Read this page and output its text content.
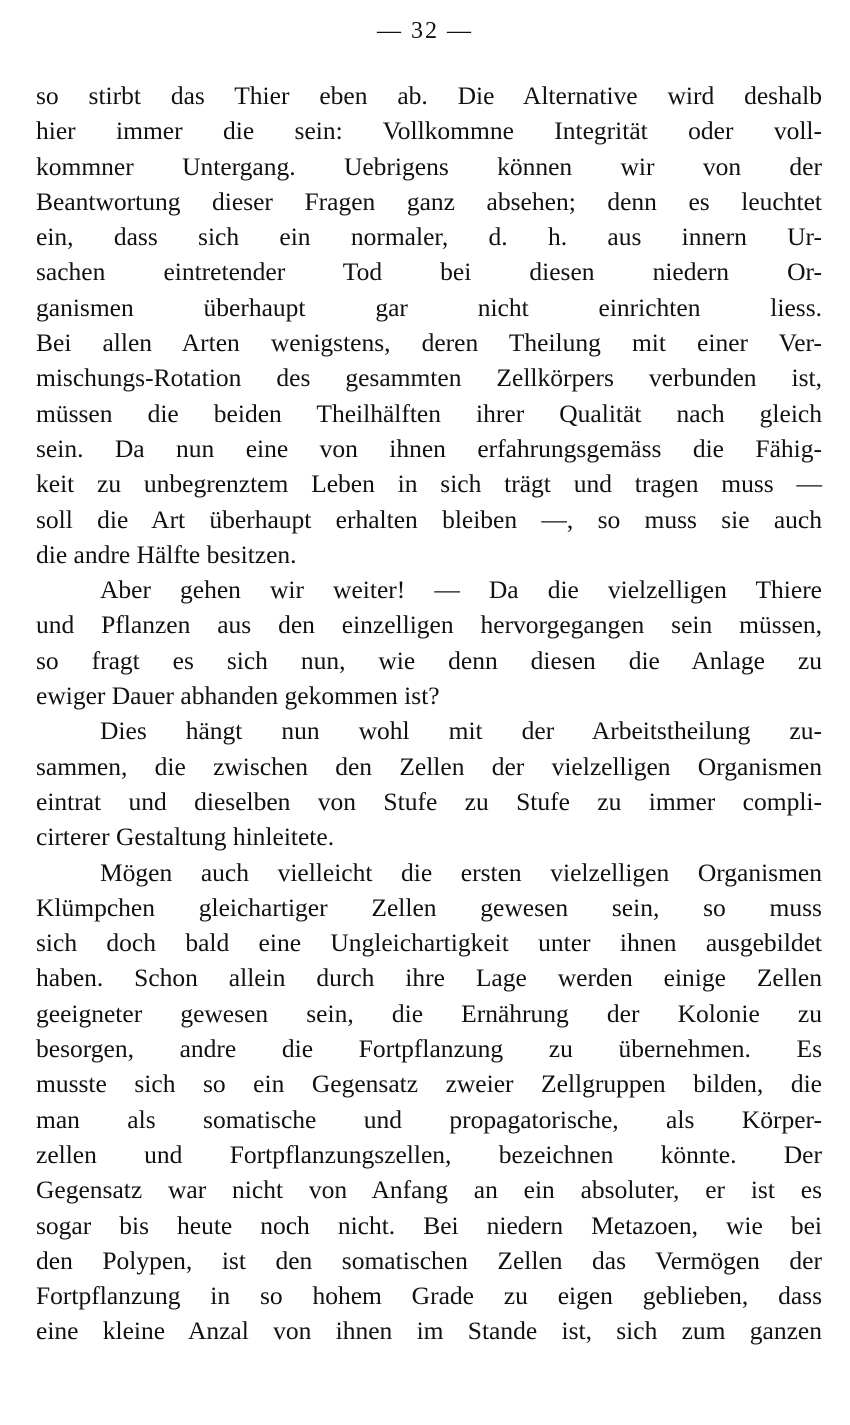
— 32 —
so stirbt das Thier eben ab. Die Alternative wird deshalb
hier immer die sein: Vollkommne Integrität oder voll-
kommner Untergang. Uebrigens können wir von der
Beantwortung dieser Fragen ganz absehen; denn es leuchtet
ein, dass sich ein normaler, d. h. aus innern Ur-
sachen eintretender Tod bei diesen niedern Or-
ganismen überhaupt gar nicht einrichten liess.
Bei allen Arten wenigstens, deren Theilung mit einer Ver-
mischungs-Rotation des gesammten Zellkörpers verbunden ist,
müssen die beiden Theilhälften ihrer Qualität nach gleich
sein. Da nun eine von ihnen erfahrungsgemäss die Fähig-
keit zu unbegrenztem Leben in sich trägt und tragen muss —
soll die Art überhaupt erhalten bleiben —, so muss sie auch
die andre Hälfte besitzen.
Aber gehen wir weiter! — Da die vielzelligen Thiere
und Pflanzen aus den einzelligen hervorgegangen sein müssen,
so fragt es sich nun, wie denn diesen die Anlage zu
ewiger Dauer abhanden gekommen ist?
Dies hängt nun wohl mit der Arbeitstheilung zu-
sammen, die zwischen den Zellen der vielzelligen Organismen
eintrat und dieselben von Stufe zu Stufe zu immer compli-
cirterer Gestaltung hinleitete.
Mögen auch vielleicht die ersten vielzelligen Organismen
Klümpchen gleichartiger Zellen gewesen sein, so muss
sich doch bald eine Ungleichartigkeit unter ihnen ausgebildet
haben. Schon allein durch ihre Lage werden einige Zellen
geeigneter gewesen sein, die Ernährung der Kolonie zu
besorgen, andre die Fortpflanzung zu übernehmen. Es
musste sich so ein Gegensatz zweier Zellgruppen bilden, die
man als somatische und propagatorische, als Körper-
zellen und Fortpflanzungszellen, bezeichnen könnte. Der
Gegensatz war nicht von Anfang an ein absoluter, er ist es
sogar bis heute noch nicht. Bei niedern Metazoen, wie bei
den Polypen, ist den somatischen Zellen das Vermögen der
Fortpflanzung in so hohem Grade zu eigen geblieben, dass
eine kleine Anzal von ihnen im Stande ist, sich zum ganzen
